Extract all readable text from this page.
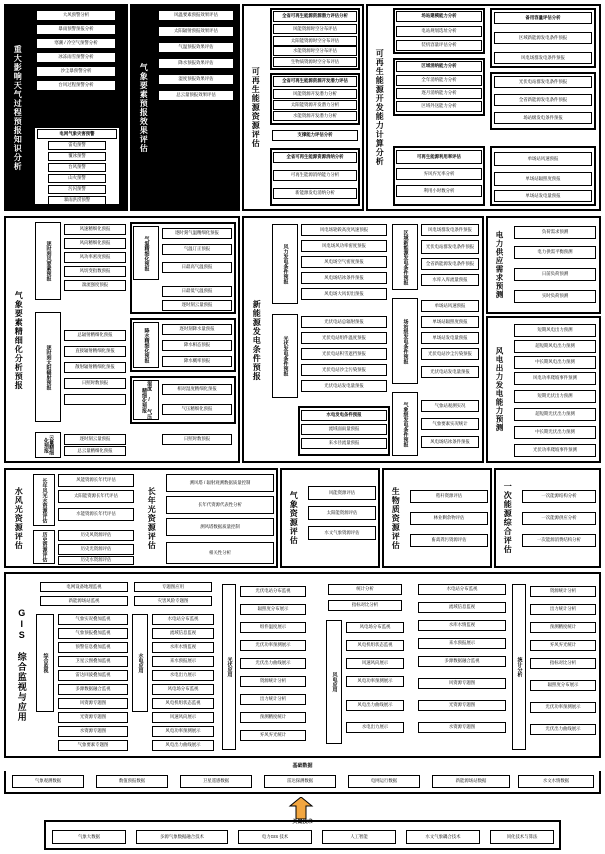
重大影响天气过程预报知识分析
大风预警分析
暴雨预警预报分析
寒潮 / 冷空气预警分析
冰冻雨雪预警分析
沙尘暴预警分析
台风过程预警分析
电网气象灾害预警
雷电预警
覆冰预警
台风预警
山火预警
污闪预警
暴雨洪涝预警
气象要素预报效果评估
风温要素预报效果评估
太阳辐射预报效果评估
气温预报效果评估
降水预报效果评估
湿度预报效果评估
总云量预报效果评估	可再生能源资源评估
全省可再生能源资源潜力评估分析
风能资源时空分布评估
太阳能资源时空分布评估
水能资源时空分布评估
生物质资源时空分布评估
全省可再生能源资源开发潜力评估
风能资源开发潜力分析
太阳能资源开发潜力分析
水能资源开发潜力分析
全省可再生能源资源消纳分析
可再生能源消纳能力分析
新能源发电消纳分析
可再生能源开发能力计算分析
场站建模能力分析
电站规划选址分析
装机容量评估分析
区域消纳能力分析
全年消纳能力分析
逐月消纳能力分析
区域外送能力分析
支撑能力评估分析
可再生能源利用率评估
弃风弃光率分析
利用小时数分析
备用容量评估分析
区域新能源发电条件预报
风电场群发电条件预报
光伏电站群发电条件预报
全省新能源发电条件预报
场站级发电条件预报
单场站风速预报
单场站辐照度预报
单场站发电量预报
气象要素精细化分析预报
逐时刻风要素预报
风速精细化预报
风向精细化预报
风功率密度预报
风切变指数预报
湍流强度预报
逐时刻太阳辐射预报
总辐射精细化预报
直接辐射精细化预报
散射辐射精细化预报
日照时数预报
云量精细化预报	逐时刻云量预报
总云量精细化预报
气温精细化预报
逐时刻气温精细化预报
气温订正预报
日最高气温预报
日最低气温预报
逐时刻云量预报
降水精细化预报	逐时刻降水量预报
降水相态预报
降水概率预报
湿度 / 气压精细化预报	相对湿度精细化预报
气压精细化预报
日照时数预报
新能源发电条件预报
风力发电条件预报
风电场轮毂高度风速预报
风电场风功率密度预报
风电场空气密度预报
风电场结冰条件预报
风电场大风切出预报
光伏发电条件预报
光伏电站总辐射预报
光伏电站组件温度预报
光伏电站积雪遮挡预报
光伏电站沙尘污染预报
光伏电站发电量预报
水电发电条件预报
流域面雨量预报
来水径流量预报
区域新能源发电条件预报
风电场群发电条件预报
光伏电站群发电条件预报
全省新能源发电条件预报
水库入库流量预报
场站级发电条件预报
单场站风速预报
单场站辐照度预报
单场站发电量预报
光伏电站沙尘污染预报
光伏电站发电量预报
气象级发电条件预报	气象站观测实况
气象要素实况统计
风电场结冰条件预报
电力供应需求预测	负荷需求预测
电力供需平衡预测
日前负荷预测
实时负荷预测
风电出力发电能力预测
短期风电出力预测
超短期风电出力预测
中长期风电出力预测
风电功率爬坡事件预测
短期光伏出力预测
超短期光伏出力预测
中长期光伏出力预测
光伏功率爬坡事件预测
水风光资源评估	长年风光水资源评估	风能资源长年代评估
太阳能资源长年代评估
水能资源长年代评估
历史资源评估	历史风资源评估
历史光资源评估
历史水资源评估
长年光资源评估
测风塔 / 辐射观测数据质量控制
长年代资源代表性分析
测风塔数据质量控制
相关性分析
气象资源评估	风能资源评估
太阳能资源评估
水文气象资源评估	生物质资源评估	秸秆资源评估
林业剩余物评估
畜禽粪污资源评估	一次能源综合评估	一次能源结构分析
一次能源供应分析
一次能源消费结构分析
GIS 综合监视与应用
电网设备地理监视
新能源场站监视
综合监视
气象实况叠加监视
气象预报叠加监视
预警信息叠加监视
卫星云图叠加监视
雷达回波叠加监视
多源数据融合监视
风资源专题图
光资源专题图
水资源专题图
气象要素专题图
专题图应用
灾害风险专题图
水电应用
水电站分布监视
流域信息监视
水库水情监视
来水预报展示
水电出力展示
风电场分布监视
风电机组状态监视
风速风向展示
风电功率预测展示
风电出力曲线展示
光伏应用
光伏电站分布监视
辐照度分布展示
组件温度展示
光伏功率预测展示
光伏出力曲线展示
资源统计分析
出力统计分析
预测精度统计
弃风弃光统计
统计分析
指标对比分析
风电应用
风电场分布监视
风电机组状态监视
风速风向展示
风电功率预测展示
风电出力曲线展示
水电出力展示
水电站分布监视
流域信息监视
水库水情监视
来水预报展示
多源数据融合监视
风资源专题图
光资源专题图
水资源专题图
统计分析
资源统计分析
出力统计分析
预测精度统计
弃风弃光统计
指标对比分析
辐照度分布展示
光伏功率预测展示
光伏出力曲线展示
基础数据
气象观测数据	数值预报数据	卫星遥感数据	雷达探测数据	电网运行数据	新能源场站数据	水文水情数据
关键技术
气象大数据	多源气象数据融合技术	电力GIS 技术	人工智能	水文气象耦合技术	同化技术与算法
